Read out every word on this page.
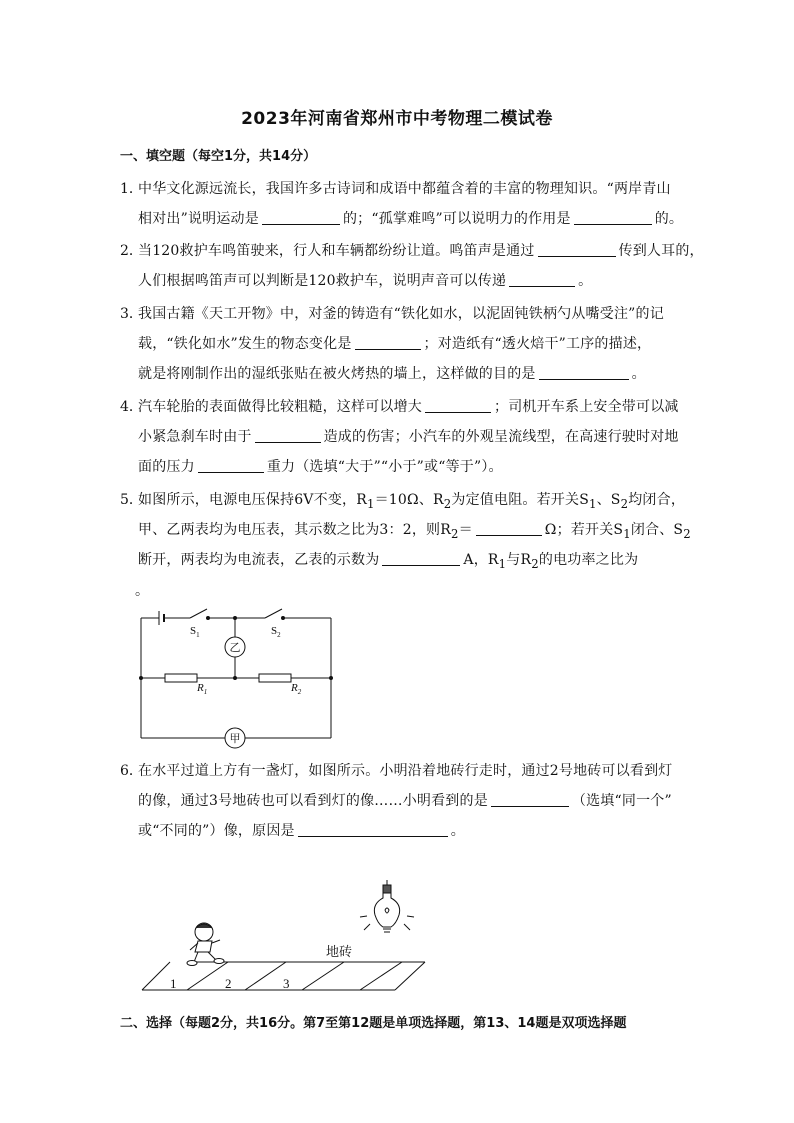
2023年河南省郑州市中考物理二模试卷
一、填空题（每空1分，共14分）
1．
中华文化源远流长，我国许多古诗词和成语中都蕴含着的丰富的物理知识。“两岸青山
相对出”说明运动是	的；“孤掌难鸣”可以说明力的作用是	的。
2．
当120救护车鸣笛驶来，行人和车辆都纷纷让道。鸣笛声是通过	传到人耳的，
人们根据鸣笛声可以判断是120救护车，说明声音可以传递	。
3．
我国古籍《天工开物》中，对釜的铸造有“铁化如水，以泥固钝铁柄勺从嘴受注”的记
载，“铁化如水”发生的物态变化是	；对造纸有“透火焙干”工序的描述，
就是将刚制作出的湿纸张贴在被火烤热的墙上，这样做的目的是	。
4．
汽车轮胎的表面做得比较粗糙，这样可以增大	；司机开车系上安全带可以减
小紧急刹车时由于	造成的伤害；小汽车的外观呈流线型，在高速行驶时对地
面的压力	重力（选填“大于”“小于”或“等于”）。
5．
如图所示，电源电压保持6V不变，$R_1=10\Omega$、$R_2$为定值电阻。若开关$S_1$、$S_2$均闭合，
甲、乙两表均为电压表，其示数之比为3：2，则$R_2=$	Ω；若开关$S_1$闭合、$S_2$
断开，两表均为电流表，乙表的示数为	A，$R_1$与$R_2$的电功率之比为
。
$S_1$	$S_2$
$R_1$	$R_2$
乙
甲
6．
在水平过道上方有一盏灯，如图所示。小明沿着地砖行走时，通过2号地砖可以看到灯
的像，通过3号地砖也可以看到灯的像……小明看到的是	（选填“同一个”
或“不同的”）像，原因是	。
1	2	3
地砖
二、选择（每题2分，共16分。第7至第12题是单项选择题，第13、14题是双项选择题
